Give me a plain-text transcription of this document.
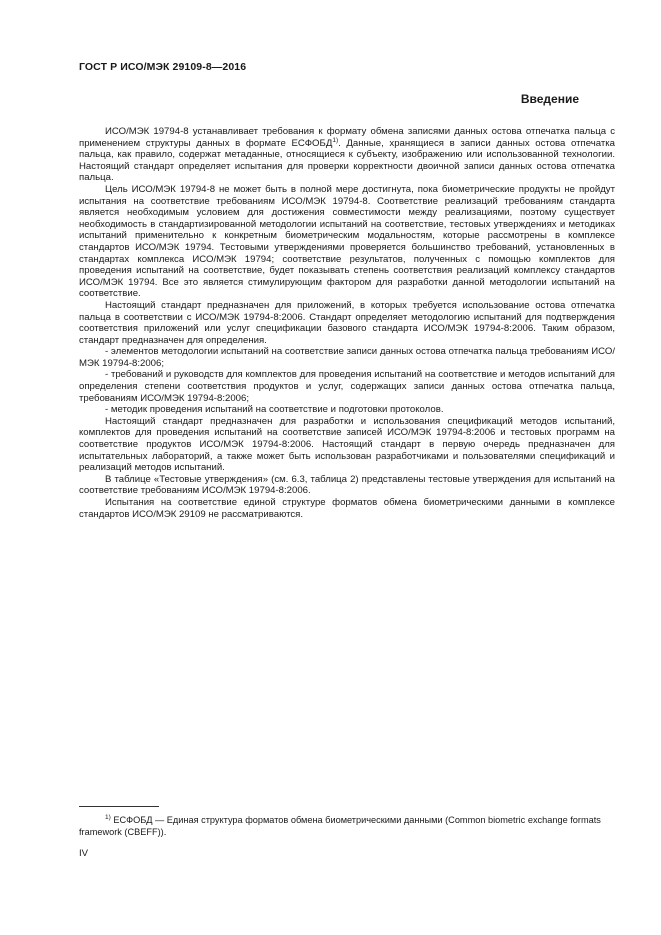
ГОСТ Р ИСО/МЭК 29109-8—2016
Введение

ИСО/МЭК 19794-8 устанавливает требования к формату обмена записями данных остова отпечатка пальца с применением структуры данных в формате ЕСФОБД$^{1)}$. Данные, хранящиеся в записи данных остова отпечатка пальца, как правило, содержат метаданные, относящиеся к субъекту, изображению или использованной технологии. Настоящий стандарт определяет испытания для проверки корректности двоичной записи данных остова отпечатка пальца.

Цель ИСО/МЭК 19794-8 не может быть в полной мере достигнута, пока биометрические продукты не пройдут испытания на соответствие требованиям ИСО/МЭК 19794-8. Соответствие реализаций требованиям стандарта является необходимым условием для достижения совместимости между реализациями, поэтому существует необходимость в стандартизированной методологии испытаний на соответствие, тестовых утверждениях и методиках испытаний применительно к конкретным биометрическим модальностям, которые рассмотрены в комплексе стандартов ИСО/МЭК 19794. Тестовыми утверждениями проверяется большинство требований, установленных в стандартах комплекса ИСО/МЭК 19794; соответствие результатов, полученных с помощью комплектов для проведения испытаний на соответствие, будет показывать степень соответствия реализаций комплексу стандартов ИСО/МЭК 19794. Все это является стимулирующим фактором для разработки данной методологии испытаний на соответствие.

Настоящий стандарт предназначен для приложений, в которых требуется использование остова отпечатка пальца в соответствии с ИСО/МЭК 19794-8:2006. Стандарт определяет методологию испытаний для подтверждения соответствия приложений или услуг спецификации базового стандарта ИСО/МЭК 19794-8:2006. Таким образом, стандарт предназначен для определения.

- элементов методологии испытаний на соответствие записи данных остова отпечатка пальца требованиям ИСО/МЭК 19794-8:2006;

- требований и руководств для комплектов для проведения испытаний на соответствие и методов испытаний для определения степени соответствия продуктов и услуг, содержащих записи данных остова отпечатка пальца, требованиям ИСО/МЭК 19794-8:2006;

- методик проведения испытаний на соответствие и подготовки протоколов.

Настоящий стандарт предназначен для разработки и использования спецификаций методов испытаний, комплектов для проведения испытаний на соответствие записей ИСО/МЭК 19794-8:2006 и тестовых программ на соответствие продуктов ИСО/МЭК 19794-8:2006. Настоящий стандарт в первую очередь предназначен для испытательных лабораторий, а также может быть использован разработчиками и пользователями спецификаций и реализаций методов испытаний.

В таблице «Тестовые утверждения» (см. 6.3, таблица 2) представлены тестовые утверждения для испытаний на соответствие требованиям ИСО/МЭК 19794-8:2006.

Испытания на соответствие единой структуре форматов обмена биометрическими данными в комплексе стандартов ИСО/МЭК 29109 не рассматриваются.

$^{1)}$ ЕСФОБД — Единая структура форматов обмена биометрическими данными (Common biometric exchange formats framework (CBEFF)).
IV
